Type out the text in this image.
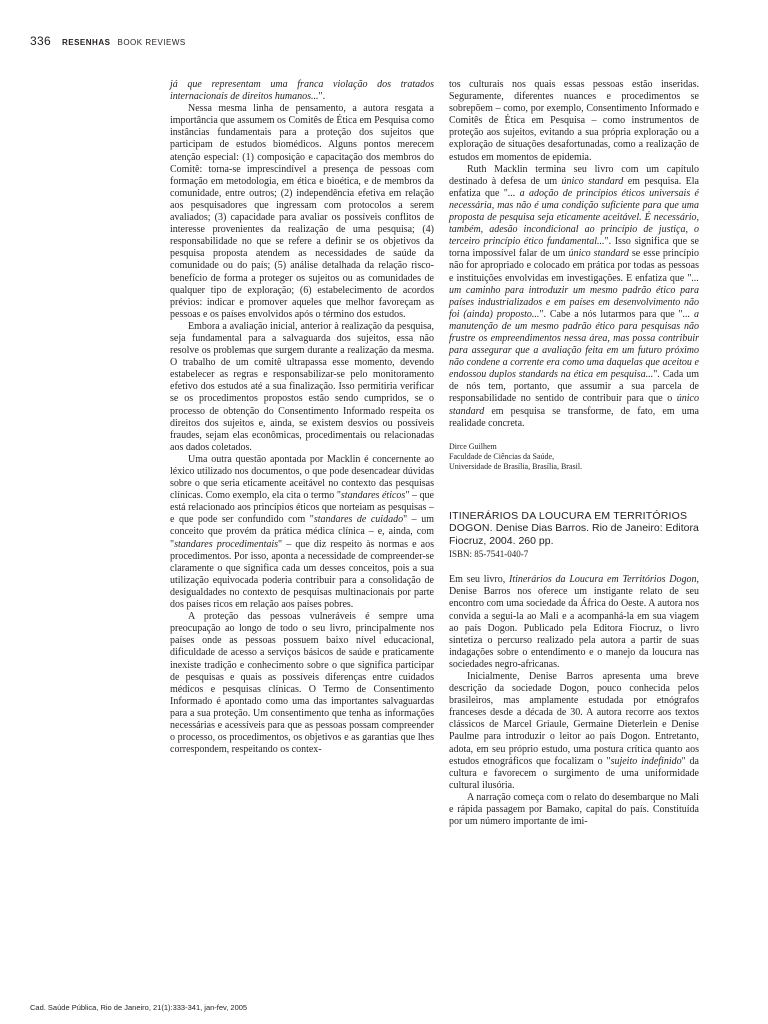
336 RESENHAS BOOK REVIEWS

já que representam uma franca violação dos tratados internacionais de direitos humanos...".

Nessa mesma linha de pensamento, a autora resgata a importância que assumem os Comitês de Ética em Pesquisa como instâncias fundamentais para a proteção dos sujeitos que participam de estudos biomédicos. Alguns pontos merecem atenção especial: (1) composição e capacitação dos membros do Comitê: torna-se imprescindível a presença de pessoas com formação em metodologia, em ética e bioética, e de membros da comunidade, entre outros; (2) independência efetiva em relação aos pesquisadores que ingressam com protocolos a serem avaliados; (3) capacidade para avaliar os possíveis conflitos de interesse provenientes da realização de uma pesquisa; (4) responsabilidade no que se refere a definir se os objetivos da pesquisa proposta atendem as necessidades de saúde da comunidade ou do país; (5) análise detalhada da relação risco-benefício de forma a proteger os sujeitos ou as comunidades de qualquer tipo de exploração; (6) estabelecimento de acordos prévios: indicar e promover aqueles que melhor favoreçam as pessoas e os países envolvidos após o término dos estudos.

Embora a avaliação inicial, anterior à realização da pesquisa, seja fundamental para a salvaguarda dos sujeitos, essa não resolve os problemas que surgem durante a realização da mesma. O trabalho de um comitê ultrapassa esse momento, devendo estabelecer as regras e responsabilizar-se pelo monitoramento efetivo dos estudos até a sua finalização. Isso permitiria verificar se os procedimentos propostos estão sendo cumpridos, se o processo de obtenção do Consentimento Informado respeita os direitos dos sujeitos e, ainda, se existem desvios ou possíveis fraudes, sejam elas econômicas, procedimentais ou relacionadas aos dados coletados.

Uma outra questão apontada por Macklin é concernente ao léxico utilizado nos documentos, o que pode desencadear dúvidas sobre o que seria eticamente aceitável no contexto das pesquisas clínicas. Como exemplo, ela cita o termo "standares éticos" – que está relacionado aos princípios éticos que norteiam as pesquisas – e que pode ser confundido com "standares de cuidado" – um conceito que provém da prática médica clínica – e, ainda, com "standares procedimentais" – que diz respeito às normas e aos procedimentos. Por isso, aponta a necessidade de compreender-se claramente o que significa cada um desses conceitos, pois a sua utilização equivocada poderia contribuir para a consolidação de desigualdades no contexto de pesquisas multinacionais por parte dos países ricos em relação aos países pobres.

A proteção das pessoas vulneráveis é sempre uma preocupação ao longo de todo o seu livro, principalmente nos países onde as pessoas possuem baixo nível educacional, dificuldade de acesso a serviços básicos de saúde e praticamente inexiste tradição e conhecimento sobre o que significa participar de pesquisas e quais as possíveis diferenças entre cuidados médicos e pesquisas clínicas. O Termo de Consentimento Informado é apontado como uma das importantes salvaguardas para a sua proteção. Um consentimento que tenha as informações necessárias e acessíveis para que as pessoas possam compreender o processo, os procedimentos, os objetivos e as garantias que lhes correspondem, respeitando os contex-

tos culturais nos quais essas pessoas estão inseridas. Seguramente, diferentes nuances e procedimentos se sobrepõem – como, por exemplo, Consentimento Informado e Comitês de Ética em Pesquisa – como instrumentos de proteção aos sujeitos, evitando a sua própria exploração ou a exploração de situações desafortunadas, como a realização de estudos em momentos de epidemia.

Ruth Macklin termina seu livro com um capítulo destinado à defesa de um único standard em pesquisa. Ela enfatiza que "... a adoção de princípios éticos universais é necessária, mas não é uma condição suficiente para que uma proposta de pesquisa seja eticamente aceitável. É necessário, também, adesão incondicional ao princípio de justiça, o terceiro princípio ético fundamental...". Isso significa que se torna impossível falar de um único standard se esse princípio não for apropriado e colocado em prática por todas as pessoas e instituições envolvidas em investigações. E enfatiza que "... um caminho para introduzir um mesmo padrão ético para países industrializados e em países em desenvolvimento não foi (ainda) proposto...". Cabe a nós lutarmos para que "... a manutenção de um mesmo padrão ético para pesquisas não frustre os empreendimentos nessa área, mas possa contribuir para assegurar que a avaliação feita em um futuro próximo não condene a corrente era como uma daquelas que aceitou e endossou duplos standards na ética em pesquisa...". Cada um de nós tem, portanto, que assumir a sua parcela de responsabilidade no sentido de contribuir para que o único standard em pesquisa se transforme, de fato, em uma realidade concreta.

Dirce Guilhem
Faculdade de Ciências da Saúde,
Universidade de Brasília, Brasília, Brasil.

ITINERÁRIOS DA LOUCURA EM TERRITÓRIOS DOGON. Denise Dias Barros. Rio de Janeiro: Editora Fiocruz, 2004. 260 pp.
ISBN: 85-7541-040-7

Em seu livro, Itinerários da Loucura em Territórios Dogon, Denise Barros nos oferece um instigante relato de seu encontro com uma sociedade da África do Oeste. A autora nos convida a segui-la ao Mali e a acompanhá-la em sua viagem ao país Dogon. Publicado pela Editora Fiocruz, o livro sintetiza o percurso realizado pela autora a partir de suas indagações sobre o entendimento e o manejo da loucura nas sociedades negro-africanas.

Inicialmente, Denise Barros apresenta uma breve descrição da sociedade Dogon, pouco conhecida pelos brasileiros, mas amplamente estudada por etnógrafos franceses desde a década de 30. A autora recorre aos textos clássicos de Marcel Griaule, Germaine Dieterlein e Denise Paulme para introduzir o leitor ao país Dogon. Entretanto, adota, em seu próprio estudo, uma postura crítica quanto aos estudos etnográficos que focalizam o "sujeito indefinido" da cultura e favorecem o surgimento de uma uniformidade cultural ilusória.

A narração começa com o relato do desembarque no Mali e rápida passagem por Bamako, capital do país. Constituída por um número importante de imi-

Cad. Saúde Pública, Rio de Janeiro, 21(1):333-341, jan-fev, 2005
